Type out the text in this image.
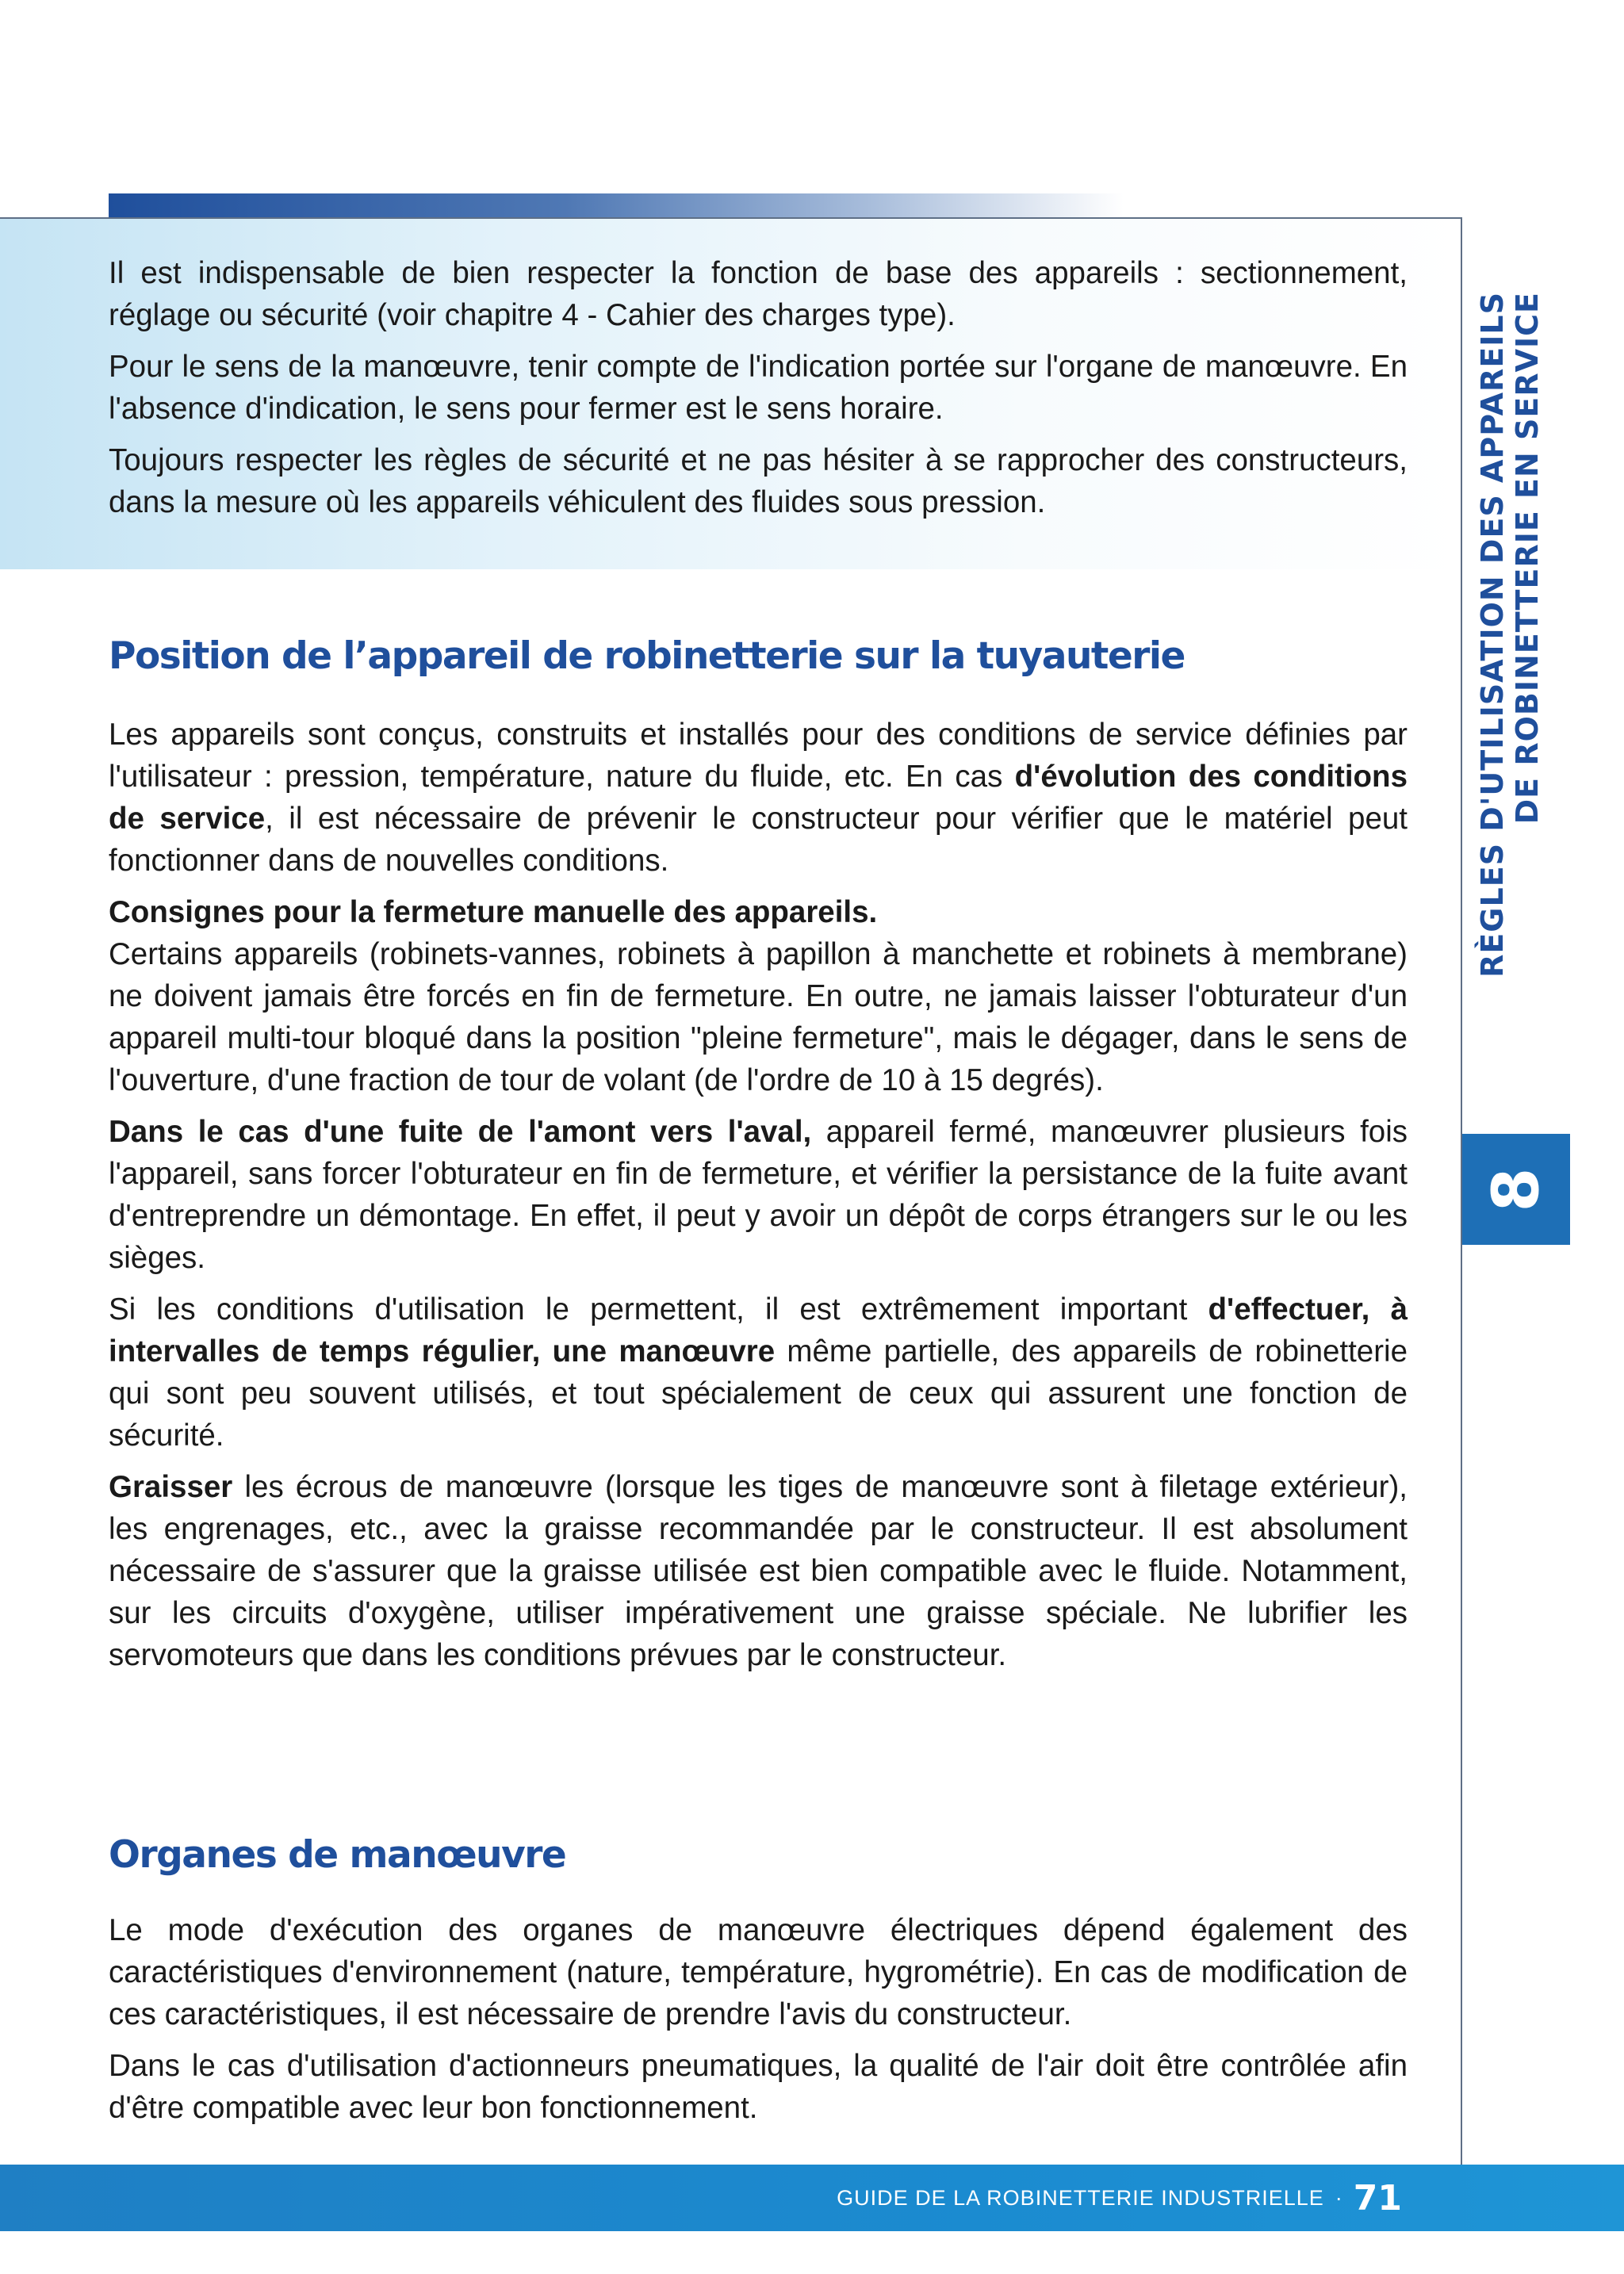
Il est indispensable de bien respecter la fonction de base des appareils : sectionnement, réglage ou sécurité (voir chapitre 4 - Cahier des charges type).

Pour le sens de la manœuvre, tenir compte de l'indication portée sur l'organe de manœuvre. En l'absence d'indication, le sens pour fermer est le sens horaire.

Toujours respecter les règles de sécurité et ne pas hésiter à se rapprocher des constructeurs, dans la mesure où les appareils véhiculent des fluides sous pression.

Position de l’appareil de robinetterie sur la tuyauterie

Les appareils sont conçus, construits et installés pour des conditions de service définies par l'utilisateur : pression, température, nature du fluide, etc. En cas d'évolution des conditions de service, il est nécessaire de prévenir le constructeur pour vérifier que le matériel peut fonctionner dans de nouvelles conditions.

Consignes pour la fermeture manuelle des appareils.

Certains appareils (robinets-vannes, robinets à papillon à manchette et robinets à membrane) ne doivent jamais être forcés en fin de fermeture. En outre, ne jamais laisser l'obturateur d'un appareil multi-tour bloqué dans la position "pleine fermeture", mais le dégager, dans le sens de l'ouverture, d'une fraction de tour de volant (de l'ordre de 10 à 15 degrés).

Dans le cas d'une fuite de l'amont vers l'aval, appareil fermé, manœuvrer plusieurs fois l'appareil, sans forcer l'obturateur en fin de fermeture, et vérifier la persistance de la fuite avant d'entreprendre un démontage. En effet, il peut y avoir un dépôt de corps étrangers sur le ou les sièges.

Si les conditions d'utilisation le permettent, il est extrêmement important d'effectuer, à intervalles de temps régulier, une manœuvre même partielle, des appareils de robinetterie qui sont peu souvent utilisés, et tout spécialement de ceux qui assurent une fonction de sécurité.

Graisser les écrous de manœuvre (lorsque les tiges de manœuvre sont à filetage extérieur), les engrenages, etc., avec la graisse recommandée par le constructeur. Il est absolument nécessaire de s'assurer que la graisse utilisée est bien compatible avec le fluide. Notamment, sur les circuits d'oxygène, utiliser impérativement une graisse spéciale. Ne lubrifier les servomoteurs que dans les conditions prévues par le constructeur.

Organes de manœuvre

Le mode d'exécution des organes de manœuvre électriques dépend également des caractéristiques d'environnement (nature, température, hygrométrie). En cas de modification de ces caractéristiques, il est nécessaire de prendre l'avis du constructeur.

Dans le cas d'utilisation d'actionneurs pneumatiques, la qualité de l'air doit être contrôlée afin d'être compatible avec leur bon fonctionnement.

RÈGLES D'UTILISATION DES APPAREILS DE ROBINETTERIE EN SERVICE
8
GUIDE DE LA ROBINETTERIE INDUSTRIELLE · 71
